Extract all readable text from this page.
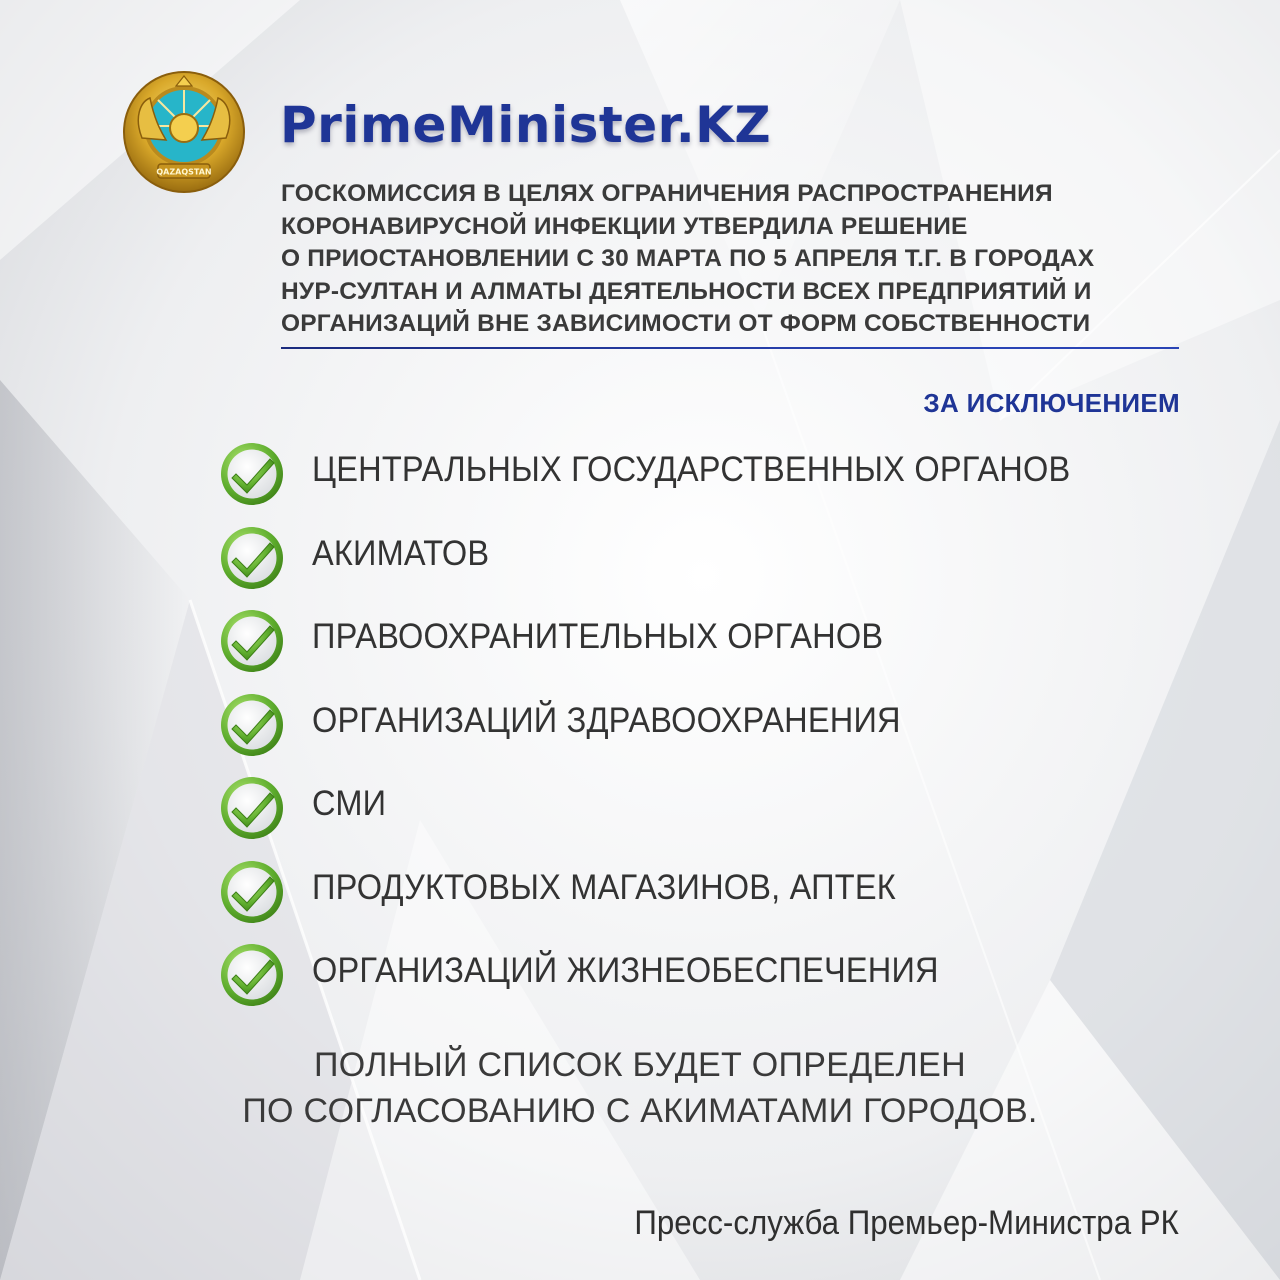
QAZAQSTAN
PrimeMinister.KZ
ГОСКОМИССИЯ В ЦЕЛЯХ ОГРАНИЧЕНИЯ РАСПРОСТРАНЕНИЯ
КОРОНАВИРУСНОЙ ИНФЕКЦИИ УТВЕРДИЛА РЕШЕНИЕ
О ПРИОСТАНОВЛЕНИИ С 30 МАРТА ПО 5 АПРЕЛЯ Т.Г. В ГОРОДАХ
НУР-СУЛТАН И АЛМАТЫ ДЕЯТЕЛЬНОСТИ ВСЕХ ПРЕДПРИЯТИЙ И
ОРГАНИЗАЦИЙ ВНЕ ЗАВИСИМОСТИ ОТ ФОРМ СОБСТВЕННОСТИ
ЗА ИСКЛЮЧЕНИЕМ
ЦЕНТРАЛЬНЫХ ГОСУДАРСТВЕННЫХ ОРГАНОВ
АКИМАТОВ
ПРАВООХРАНИТЕЛЬНЫХ ОРГАНОВ
ОРГАНИЗАЦИЙ ЗДРАВООХРАНЕНИЯ
СМИ
ПРОДУКТОВЫХ МАГАЗИНОВ, АПТЕК
ОРГАНИЗАЦИЙ ЖИЗНЕОБЕСПЕЧЕНИЯ
ПОЛНЫЙ СПИСОК БУДЕТ ОПРЕДЕЛЕН
ПО СОГЛАСОВАНИЮ С АКИМАТАМИ ГОРОДОВ.
Пресс-служба Премьер-Министра РК
